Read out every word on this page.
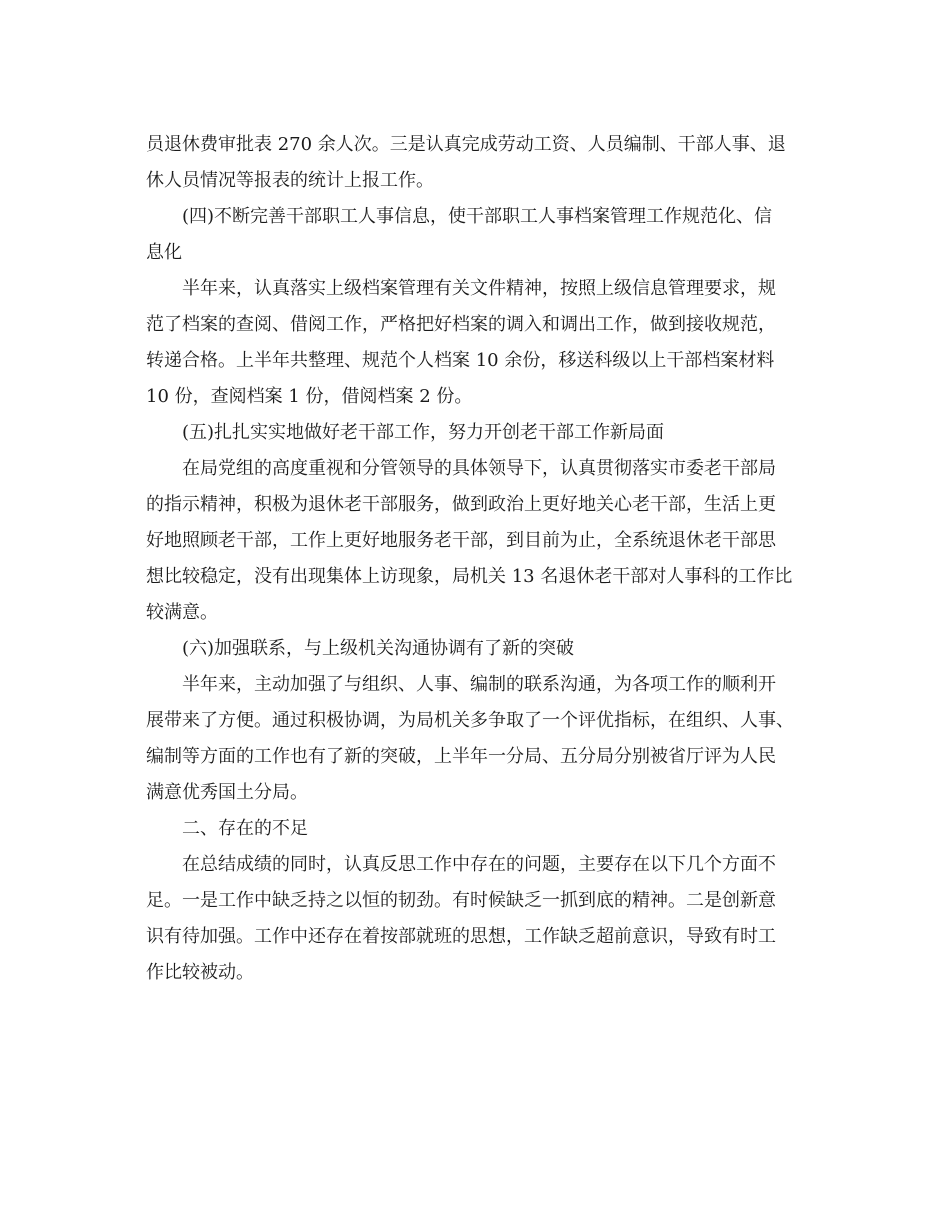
员退休费审批表 270 余人次。三是认真完成劳动工资、人员编制、干部人事、退
休人员情况等报表的统计上报工作。
(四)不断完善干部职工人事信息，使干部职工人事档案管理工作规范化、信
息化
半年来，认真落实上级档案管理有关文件精神，按照上级信息管理要求，规
范了档案的查阅、借阅工作，严格把好档案的调入和调出工作，做到接收规范，
转递合格。上半年共整理、规范个人档案 10 余份，移送科级以上干部档案材料
10 份，查阅档案 1 份，借阅档案 2 份。
(五)扎扎实实地做好老干部工作，努力开创老干部工作新局面
在局党组的高度重视和分管领导的具体领导下，认真贯彻落实市委老干部局
的指示精神，积极为退休老干部服务，做到政治上更好地关心老干部，生活上更
好地照顾老干部，工作上更好地服务老干部，到目前为止，全系统退休老干部思
想比较稳定，没有出现集体上访现象，局机关 13 名退休老干部对人事科的工作比
较满意。
(六)加强联系，与上级机关沟通协调有了新的突破
半年来，主动加强了与组织、人事、编制的联系沟通，为各项工作的顺利开
展带来了方便。通过积极协调，为局机关多争取了一个评优指标，在组织、人事、
编制等方面的工作也有了新的突破，上半年一分局、五分局分别被省厅评为人民
满意优秀国土分局。
二、存在的不足
在总结成绩的同时，认真反思工作中存在的问题，主要存在以下几个方面不
足。一是工作中缺乏持之以恒的韧劲。有时候缺乏一抓到底的精神。二是创新意
识有待加强。工作中还存在着按部就班的思想，工作缺乏超前意识，导致有时工
作比较被动。
